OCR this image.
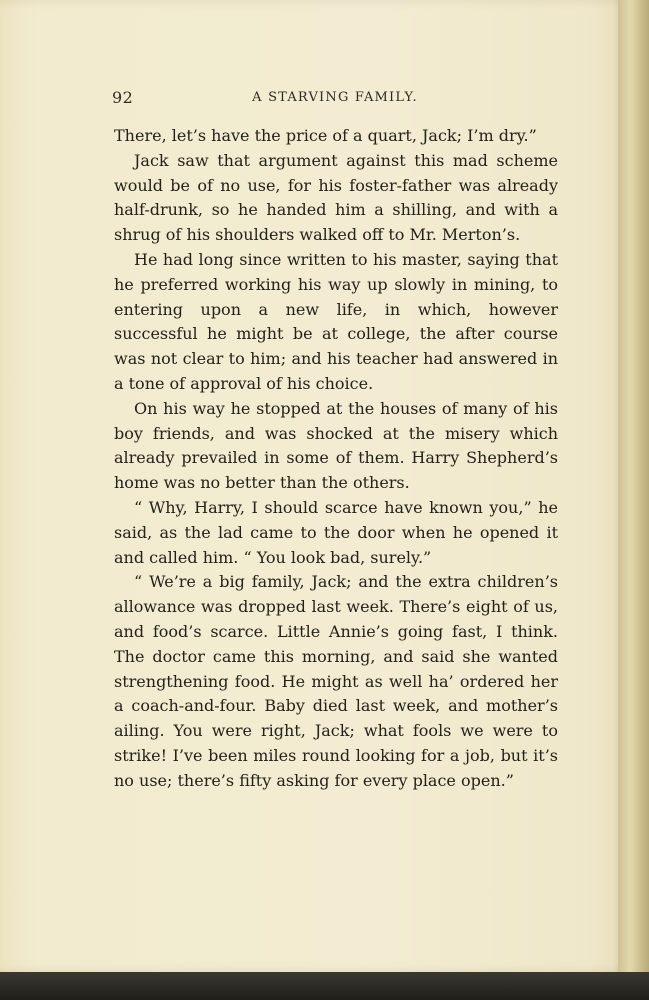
92	A STARVING FAMILY.

There, let’s have the price of a quart, Jack; I’m dry.”

Jack saw that argument against this mad scheme would be of no use, for his foster-father was already half-drunk, so he handed him a shilling, and with a shrug of his shoulders walked off to Mr. Merton’s.

He had long since written to his master, saying that he preferred working his way up slowly in mining, to entering upon a new life, in which, however successful he might be at college, the after course was not clear to him; and his teacher had answered in a tone of approval of his choice.

On his way he stopped at the houses of many of his boy friends, and was shocked at the misery which already prevailed in some of them. Harry Shepherd’s home was no better than the others.

“ Why, Harry, I should scarce have known you,” he said, as the lad came to the door when he opened it and called him. “ You look bad, surely.”

“ We’re a big family, Jack; and the extra children’s allowance was dropped last week. There’s eight of us, and food’s scarce. Little Annie’s going fast, I think. The doctor came this morning, and said she wanted strengthening food. He might as well ha’ ordered her a coach-and-four. Baby died last week, and mother’s ailing. You were right, Jack; what fools we were to strike! I’ve been miles round looking for a job, but it’s no use; there’s fifty asking for every place open.”
